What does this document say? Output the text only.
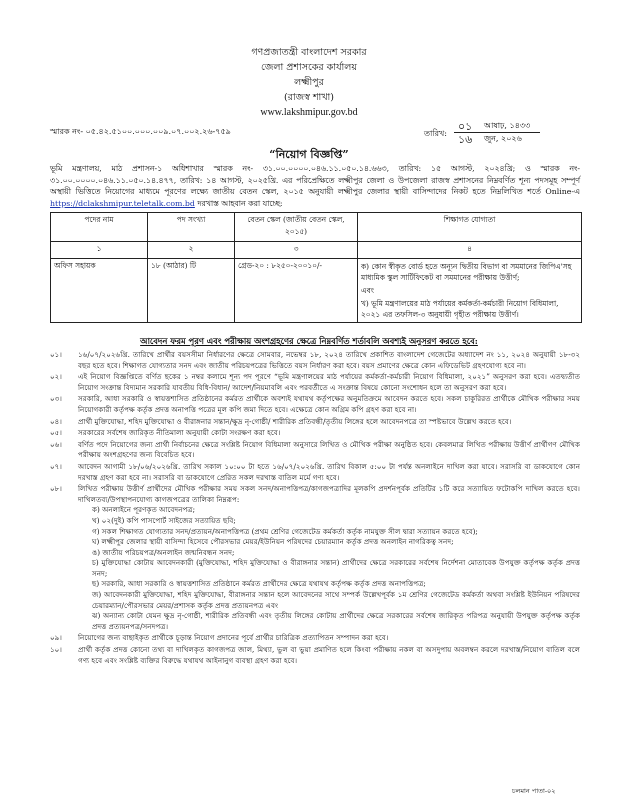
গণপ্রজাতন্ত্রী বাংলাদেশ সরকার
জেলা প্রশাসকের কার্যালয়
লক্ষ্মীপুর
(রাজস্ব শাখা)
www.lakshmipur.gov.bd
স্মারক নং- ০৫.৪২.৫১০০.০০০.০০৯.০৭.০০২.২৬-৭৫৯	তারিখ:
০১ আষাঢ়, ১৪৩৩
১৬ জুন, ২০২৬
“নিয়োগ বিজ্ঞপ্তি”
ভূমি মন্ত্রণালয়, মাঠ প্রশাসন-১ অধিশাখার স্মারক নং- ৩১.০০.০০০০.০৪৬.১১.০৫০.১৪.৬৬৩, তারিখ: ১৫ আগস্ট, ২০২৪খ্রি; ও স্মারক নং- ৩১.০০.০০০০.০৪৬.১১.০৫০.১৪.৪৭৭, তারিখ: ১৪ আগস্ট, ২০২৫খ্রি. এর পরিপ্রেক্ষিতে লক্ষ্মীপুর জেলা ও উপজেলা রাজস্ব প্রশাসনের নিম্নবর্ণিত শূন্য পদসমূহ সম্পূর্ণ অস্থায়ী ভিত্তিতে নিয়োগের মাধ্যমে পূরণের লক্ষ্যে জাতীয় বেতন স্কেল, ২০১৫ অনুযায়ী লক্ষ্মীপুর জেলার স্থায়ী বাসিন্দাদের নিকট হতে নিম্নলিখিত শর্তে Online-এ https://dclakshmipur.teletalk.com.bd দরখাস্ত আহবান করা যাচ্ছে:
পদের নাম	পদ সংখ্যা	বেতন স্কেল (জাতীয় বেতন স্কেল, ২০১৫)	শিক্ষাগত যোগ্যতা
১	২	৩	৪
অফিস সহায়ক	১৮ (আঠার) টি	গ্রেড-২০ : ৮২৫০-২০০১০/-	ক) কোন স্বীকৃত বোর্ড হতে অন্যূন দ্বিতীয় বিভাগ বা সমমানের জিপিএ'সহ মাধ্যমিক স্কুল সার্টিফিকেট বা সমমানের পরীক্ষায় উত্তীর্ণ;
এবং
খ) ভূমি মন্ত্রণালয়ের মাঠ পর্যায়ের কর্মকর্তা-কর্মচারী নিয়োগ বিধিমালা, ২০২১ এর তফসিল-৩ অনুযায়ী গৃহীত পরীক্ষায় উত্তীর্ণ।
আবেদন ফরম পূরণ এবং পরীক্ষায় অংশগ্রহণের ক্ষেত্রে নিম্নবর্ণিত শর্তাবলি অবশ্যই অনুসরণ করতে হবে:
০১। ১৬/০৭/২০২৬খ্রি. তারিখে প্রার্থীর বয়সসীমা নির্ধারণের ক্ষেত্রে সোমবার, নভেম্বর ১৮, ২০২৪ তারিখে প্রকাশিত বাংলাদেশ গেজেটের অধ্যাদেশ নং ১১, ২০২৪ অনুযায়ী ১৮-৩২ বছর হতে হবে। শিক্ষাগত যোগ্যতার সনদ এবং জাতীয় পরিচয়পত্রের ভিত্তিতে বয়স নির্ধারণ করা হবে। বয়স প্রমাণের ক্ষেত্রে কোন এফিডেভিট গ্রহণযোগ্য হবে না।
০২। এই নিয়োগ বিজ্ঞপ্তিতে বর্ণিত ছকের ১ নম্বর কলামে শূন্য পদ পূরণে “ভূমি মন্ত্রণালয়ের মাঠ পর্যায়ের কর্মকর্তা-কর্মচারী নিয়োগ বিধিমালা, ২০২১” অনুসরণ করা হবে। এতদ্ব্যতীত নিয়োগ সংক্রান্ত বিদ্যমান সরকারি যাবতীয় বিধি-বিধান/ আদেশ/নিয়মাবলি এবং পরবর্তীতে এ সংক্রান্ত বিষয়ে কোনো সংশোধন হলে তা অনুসরণ করা হবে।
০৩। সরকারি, আধা সরকারি ও স্বায়ত্তশাসিত প্রতিষ্ঠানের কর্মরত প্রার্থীকে অবশ্যই যথাযথ কর্তৃপক্ষের অনুমতিক্রমে আবেদন করতে হবে। সকল চাকুরিরত প্রার্থীকে মৌখিক পরীক্ষার সময় নিয়োগকারী কর্তৃপক্ষ কর্তৃক প্রদত্ত অনাপত্তি পত্রের মূল কপি জমা দিতে হবে। এক্ষেত্রে কোন অগ্রিম কপি গ্রহণ করা হবে না।
০৪। প্রার্থী মুক্তিযোদ্ধা, শহিদ মুক্তিযোদ্ধা ও বীরাঙ্গনার সন্তান/ক্ষুদ্র নৃ-গোষ্ঠী/ শারীরিক প্রতিবন্ধী/তৃতীয় লিঙ্গের হলে আবেদনপত্রে তা স্পষ্টভাবে উল্লেখ করতে হবে।
০৫। সরকারের সর্বশেষ জারিকৃত নীতিমালা অনুযায়ী কোটা সংরক্ষণ করা হবে।
০৬। বর্ণিত পদে নিয়োগের জন্য প্রার্থী নির্বাচনের ক্ষেত্রে সংশ্লিষ্ট নিয়োগ বিধিমালা অনুসারে লিখিত ও মৌখিক পরীক্ষা অনুষ্ঠিত হবে। কেবলমাত্র লিখিত পরীক্ষায় উত্তীর্ণ প্রার্থীগণ মৌখিক পরীক্ষায় অংশগ্রহণের জন্য বিবেচিত হবে।
০৭। আবেদন আগামী ১৮/০৬/২০২৬খ্রি. তারিখ সকাল ১০:০০ টা হতে ১৬/০৭/২০২৬খ্রি. তারিখ বিকাল ৫:০০ টা পর্যন্ত অনলাইনে দাখিল করা যাবে। সরাসরি বা ডাকযোগে কোন দরখাস্ত গ্রহণ করা হবে না। সরাসরি বা ডাকযোগে প্রেরিত সকল দরখাস্ত বাতিল মর্মে গণ্য হবে।
০৮। লিখিত পরীক্ষায় উত্তীর্ণ প্রার্থীদের মৌখিক পরীক্ষার সময় সকল সনদ/অনাপত্তিপত্র/কাগজপত্রাদির মূলকপি প্রদর্শনপূর্বক প্রতিটির ১টি করে সত্যায়িত ফটোকপি দাখিল করতে হবে। দাখিলতব্য/উপস্থাপনযোগ্য কাগজপত্রের তালিকা নিম্নরূপ:
ক) অনলাইনে পূরণকৃত আবেদনপত্র;
খ) ০২(দুই) কপি পাসপোর্ট সাইজের সত্যায়িত ছবি;
গ) সকল শিক্ষাগত যোগ্যতার সনদ/প্রত্যয়ন/অনাপত্তিপত্র (প্রথম শ্রেণির গেজেটেড কর্মকর্তা কর্তৃক নামযুক্ত সীল দ্বারা সত্যায়ন করতে হবে);
ঘ) লক্ষ্মীপুর জেলার স্থায়ী বাসিন্দা হিসেবে পৌরসভার মেয়র/ইউনিয়ন পরিষদের চেয়ারম্যান কর্তৃক প্রদত্ত অনলাইন নাগরিকত্ব সনদ;
ঙ) জাতীয় পরিচয়পত্র/অনলাইন জন্মনিবন্ধন সনদ;
চ) মুক্তিযোদ্ধা কোটায় আবেদনকারী (মুক্তিযোদ্ধা, শহিদ মুক্তিযোদ্ধা ও বীরাঙ্গনার সন্তান) প্রার্থীদের ক্ষেত্রে সরকারের সর্বশেষ নির্দেশনা মোতাবেক উপযুক্ত কর্তৃপক্ষ কর্তৃক প্রদত্ত সনদ;
ছ) সরকারি, আধা সরকারি ও স্বায়ত্তশাসিত প্রতিষ্ঠানে কর্মরত প্রার্থীদের ক্ষেত্রে যথাযথ কর্তৃপক্ষ কর্তৃক প্রদত্ত অনাপত্তিপত্র;
জ) আবেদনকারী মুক্তিযোদ্ধা, শহিদ মুক্তিযোদ্ধা, বীরাঙ্গনার সন্তান হলে আবেদনের সাথে সম্পর্ক উল্লেখপূর্বক ১ম শ্রেণির গেজেটেড কর্মকর্তা অথবা সংশ্লিষ্ট ইউনিয়ন পরিষদের চেয়ারম্যান/পৌরসভার মেয়র/প্রশাসক কর্তৃক প্রদত্ত প্রত্যয়নপত্র এবং
ঝ) অন্যান্য কোটা যেমন ক্ষুদ্র নৃ-গোষ্ঠী, শারীরিক প্রতিবন্ধী এবং তৃতীয় লিঙ্গের কোটায় প্রার্থীদের ক্ষেত্রে সরকারের সর্বশেষ জারিকৃত পরিপত্র অনুযায়ী উপযুক্ত কর্তৃপক্ষ কর্তৃক প্রদত্ত প্রত্যয়নপত্র/সনদপত্র।
০৯। নিয়োগের জন্য বাছাইকৃত প্রার্থীকে চূড়ান্ত নিয়োগ প্রদানের পূর্বে প্রার্থীর চারিত্রিক প্রত্যাপিতন সম্পাদন করা হবে।
১০। প্রার্থী কর্তৃক প্রদত্ত কোনো তথ্য বা দাখিলকৃত কাগজপত্র জাল, মিথ্যা, ভুল বা ভুয়া প্রমাণিত হলে কিংবা পরীক্ষায় নকল বা অসদুপায় অবলম্বন করলে দরখাস্ত/নিয়োগ বাতিল বলে গণ্য হবে এবং সংশ্লিষ্ট ব্যক্তির বিরুদ্ধে যথাযথ আইনানুগ ব্যবস্থা গ্রহণ করা হবে।
চলমান পাতা-০২
